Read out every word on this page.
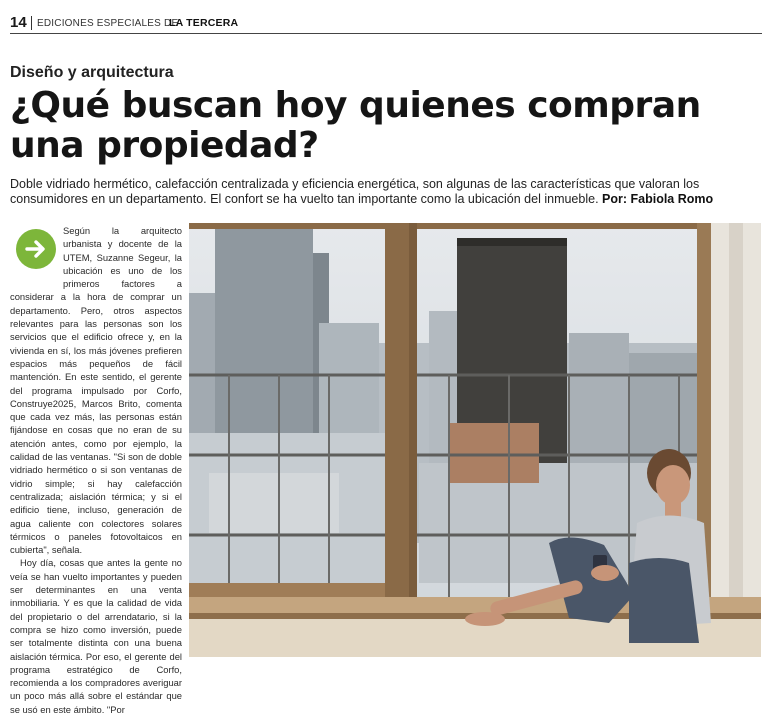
14 EDICIONES ESPECIALES DE
LA TERCERA
Diseño y arquitectura
¿Qué buscan hoy quienes compran una propiedad?
Doble vidriado hermético, calefacción centralizada y eficiencia energética, son algunas de las características que valoran los consumidores en un departamento. El confort se ha vuelto tan importante como la ubicación del inmueble. Por: Fabiola Romo

Según la arquitecto urbanista y docente de la UTEM, Suzanne Segeur, la ubicación es uno de los primeros factores a considerar a la hora de comprar un departamento. Pero, otros aspectos relevantes para las personas son los servicios que el edificio ofrece y, en la vivienda en sí, los más jóvenes prefieren espacios más pequeños de fácil mantención. En este sentido, el gerente del programa impulsado por Corfo, Construye2025, Marcos Brito, comenta que cada vez más, las personas están fijándose en cosas que no eran de su atención antes, como por ejemplo, la calidad de las ventanas. "Si son de doble vidriado hermético o si son ventanas de vidrio simple; si hay calefacción centralizada; aislación térmica; y si el edificio tiene, incluso, generación de agua caliente con colectores solares térmicos o paneles fotovoltaicos en cubierta", señala.

Hoy día, cosas que antes la gente no veía se han vuelto importantes y pueden ser determinantes en una venta inmobiliaria. Y es que la calidad de vida del propietario o del arrendatario, si la compra se hizo como inversión, puede ser totalmente distinta con una buena aislación térmica. Por eso, el gerente del programa estratégico de Corfo, recomienda a los compradores averiguar un poco más allá sobre el estándar que se usó en este ámbito. "Por
